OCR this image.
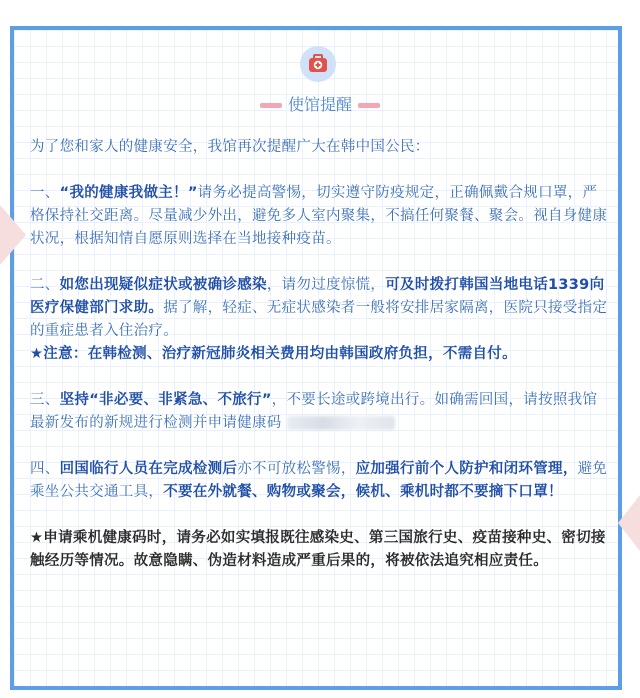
使馆提醒

为了您和家人的健康安全，我馆再次提醒广大在韩中国公民：

一、“我的健康我做主！”请务必提高警惕，切实遵守防疫规定，正确佩戴合规口罩，严格保持社交距离。尽量减少外出，避免多人室内聚集，不搞任何聚餐、聚会。视自身健康状况，根据知情自愿原则选择在当地接种疫苗。

二、如您出现疑似症状或被确诊感染，请勿过度惊慌，可及时拨打韩国当地电话1339向医疗保健部门求助。据了解，轻症、无症状感染者一般将安排居家隔离，医院只接受指定的重症患者入住治疗。

★注意：在韩检测、治疗新冠肺炎相关费用均由韩国政府负担，不需自付。

三、坚持“非必要、非紧急、不旅行”，不要长途或跨境出行。如确需回国，请按照我馆最新发布的新规进行检测并申请健康码

四、回国临行人员在完成检测后亦不可放松警惕，应加强行前个人防护和闭环管理，避免乘坐公共交通工具，不要在外就餐、购物或聚会，候机、乘机时都不要摘下口罩！

★申请乘机健康码时，请务必如实填报既往感染史、第三国旅行史、疫苗接种史、密切接触经历等情况。故意隐瞒、伪造材料造成严重后果的，将被依法追究相应责任。
